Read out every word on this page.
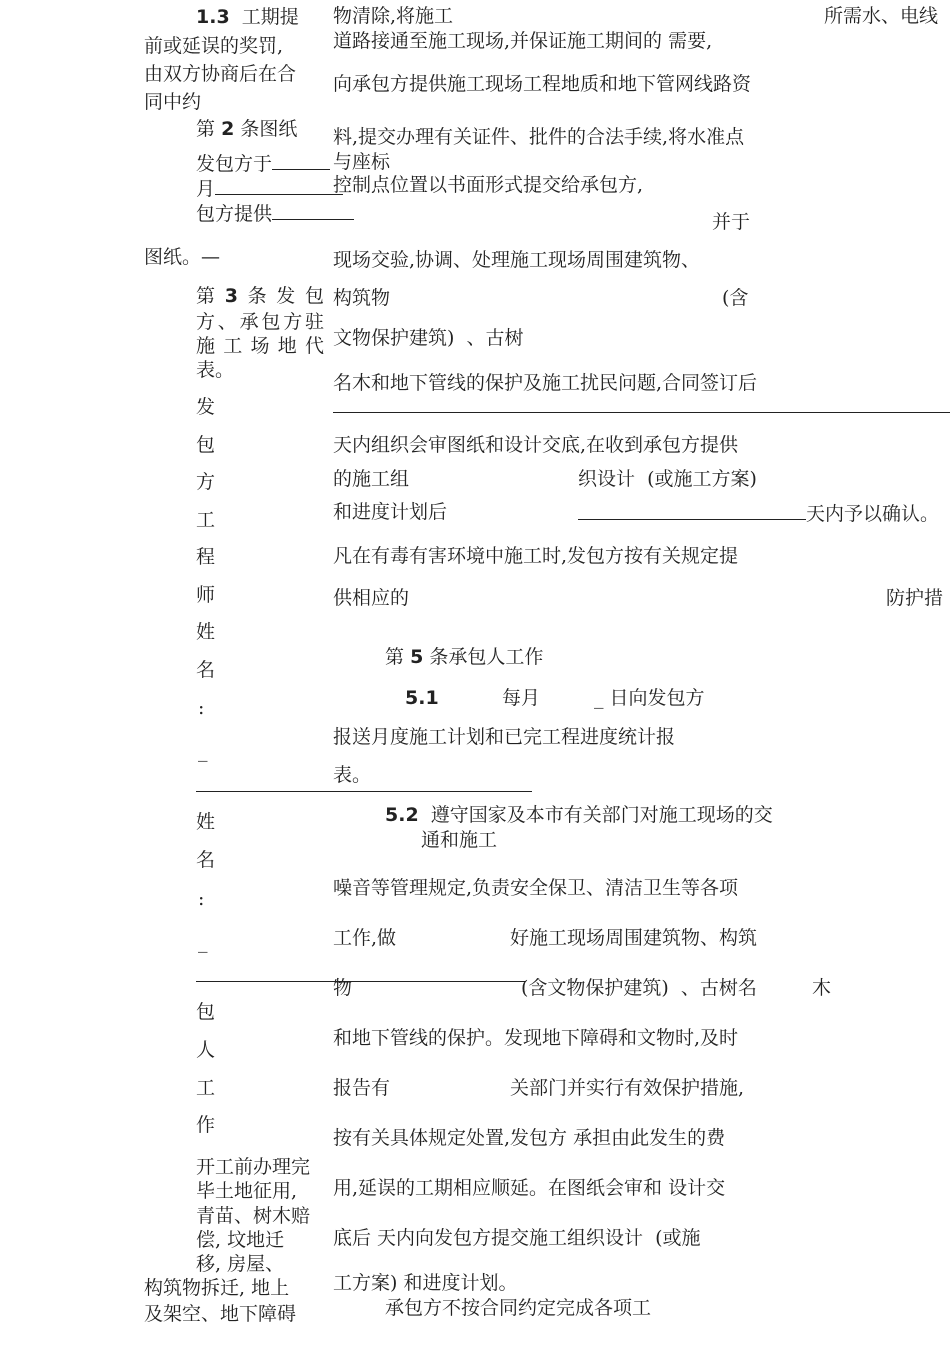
1.3 工期提
前或延误的奖罚,
由双方协商后在合
同中约
第 2 条图纸
发包方于
月
包方提供
图纸。—
第3条发包
方、承包方驻
施工场地代
表。
发
包
方
工
程
师
姓
名
:
_
姓
名
:
_
包
人
工
作
开工前办理完
毕土地征用,
青苗、树木赔
偿, 坟地迁
移, 房屋、
构筑物拆迁, 地上
及架空、地下障碍
物清除,将施工	所需水、电线
道路接通至施工现场,并保证施工期间的 需要,
向承包方提供施工现场工程地质和地下管网线路资
料,提交办理有关证件、批件的合法手续,将水准点
与座标
控制点位置以书面形式提交给承包方,
并于
现场交验,协调、处理施工现场周围建筑物、
构筑物	(含
文物保护建筑) 、古树
名木和地下管线的保护及施工扰民问题,合同签订后
天内组织会审图纸和设计交底,在收到承包方提供
的施工组	织设计 (或施工方案)
和进度计划后	天内予以确认。
凡在有毒有害环境中施工时,发包方按有关规定提
供相应的	防护措
第 5 条承包人工作
5.1	每月	_ 日向发包方
报送月度施工计划和已完工程进度统计报
表。
5.2 遵守国家及本市有关部门对施工现场的交
通和施工
噪音等管理规定,负责安全保卫、清洁卫生等各项
工作,做	好施工现场周围建筑物、构筑
物	(含文物保护建筑) 、古树名	木
和地下管线的保护。发现地下障碍和文物时,及时
报告有	关部门并实行有效保护措施,
按有关具体规定处置,发包方 承担由此发生的费
用,延误的工期相应顺延。在图纸会审和 设计交
底后 天内向发包方提交施工组织设计 (或施
工方案) 和进度计划。
承包方不按合同约定完成各项工
